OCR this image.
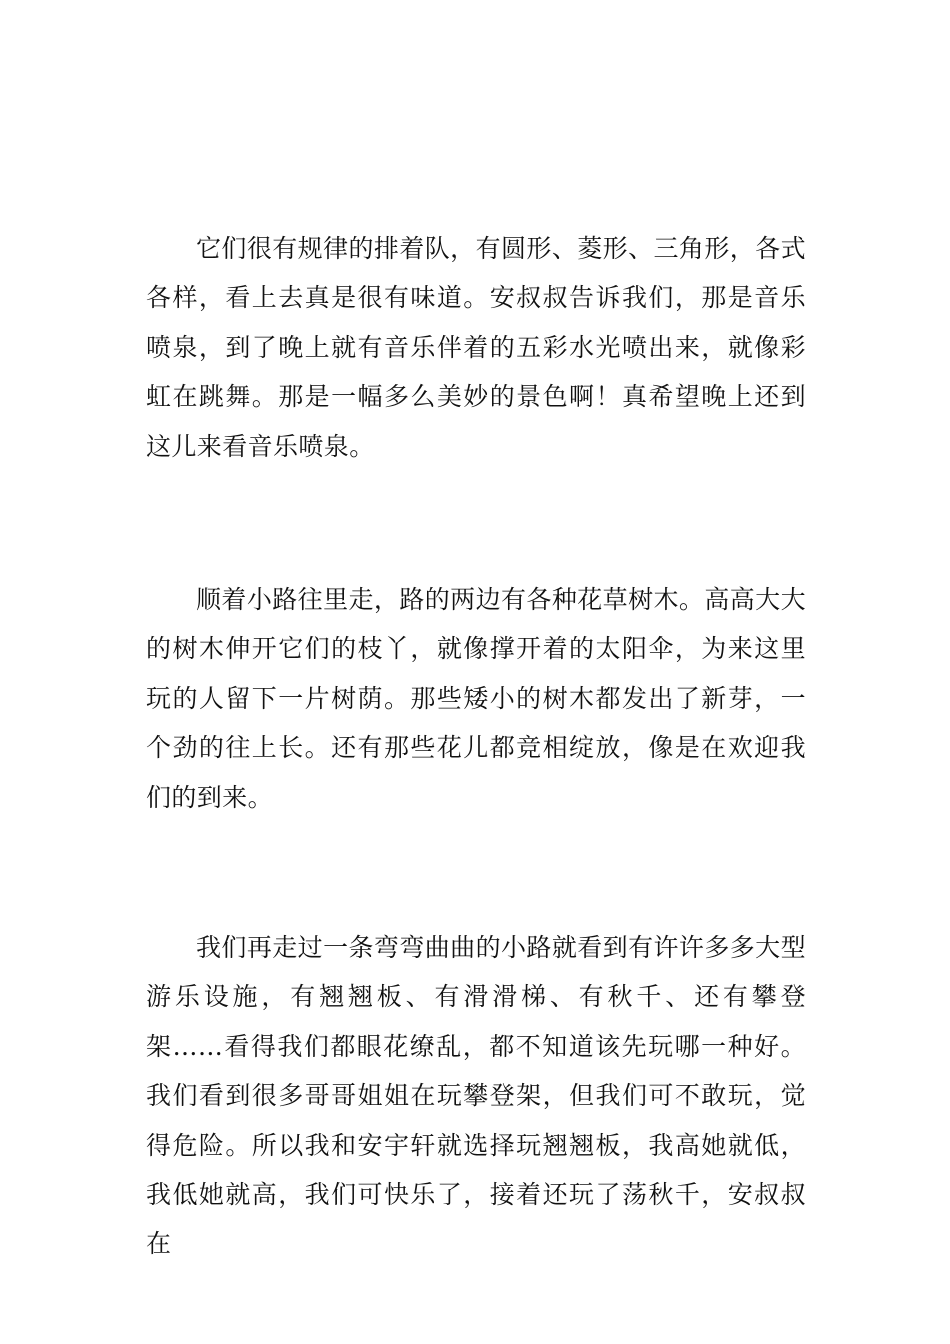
它们很有规律的排着队，有圆形、菱形、三角形，各式各样，看上去真是很有味道。安叔叔告诉我们，那是音乐喷泉，到了晚上就有音乐伴着的五彩水光喷出来，就像彩虹在跳舞。那是一幅多么美妙的景色啊！真希望晚上还到这儿来看音乐喷泉。

顺着小路往里走，路的两边有各种花草树木。高高大大的树木伸开它们的枝丫，就像撑开着的太阳伞，为来这里玩的人留下一片树荫。那些矮小的树木都发出了新芽，一个劲的往上长。还有那些花儿都竞相绽放，像是在欢迎我们的到来。

我们再走过一条弯弯曲曲的小路就看到有许许多多大型游乐设施，有翘翘板、有滑滑梯、有秋千、还有攀登架……看得我们都眼花缭乱，都不知道该先玩哪一种好。我们看到很多哥哥姐姐在玩攀登架，但我们可不敢玩，觉得危险。所以我和安宇轩就选择玩翘翘板，我高她就低，我低她就高，我们可快乐了，接着还玩了荡秋千，安叔叔在
